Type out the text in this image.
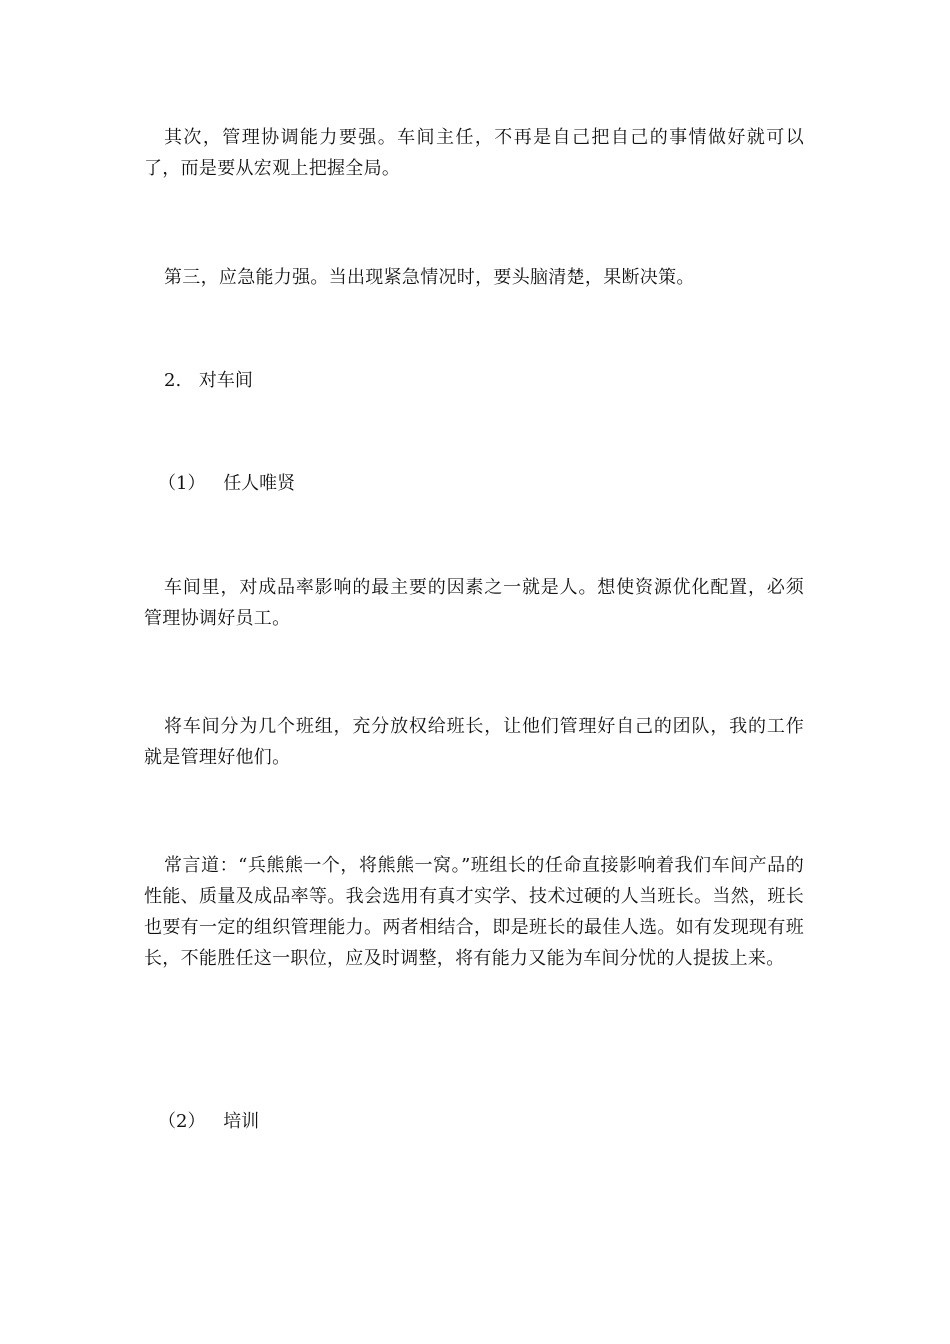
其次，管理协调能力要强。车间主任，不再是自己把自己的事情做好就可以了，而是要从宏观上把握全局。

第三，应急能力强。当出现紧急情况时，要头脑清楚，果断决策。

2. 对车间
（1） 任人唯贤

车间里，对成品率影响的最主要的因素之一就是人。想使资源优化配置，必须管理协调好员工。

将车间分为几个班组，充分放权给班长，让他们管理好自己的团队，我的工作就是管理好他们。

常言道：“兵熊熊一个，将熊熊一窝。”班组长的任命直接影响着我们车间产品的性能、质量及成品率等。我会选用有真才实学、技术过硬的人当班长。当然，班长也要有一定的组织管理能力。两者相结合，即是班长的最佳人选。如有发现现有班长，不能胜任这一职位，应及时调整，将有能力又能为车间分忧的人提拔上来。

（2） 培训
